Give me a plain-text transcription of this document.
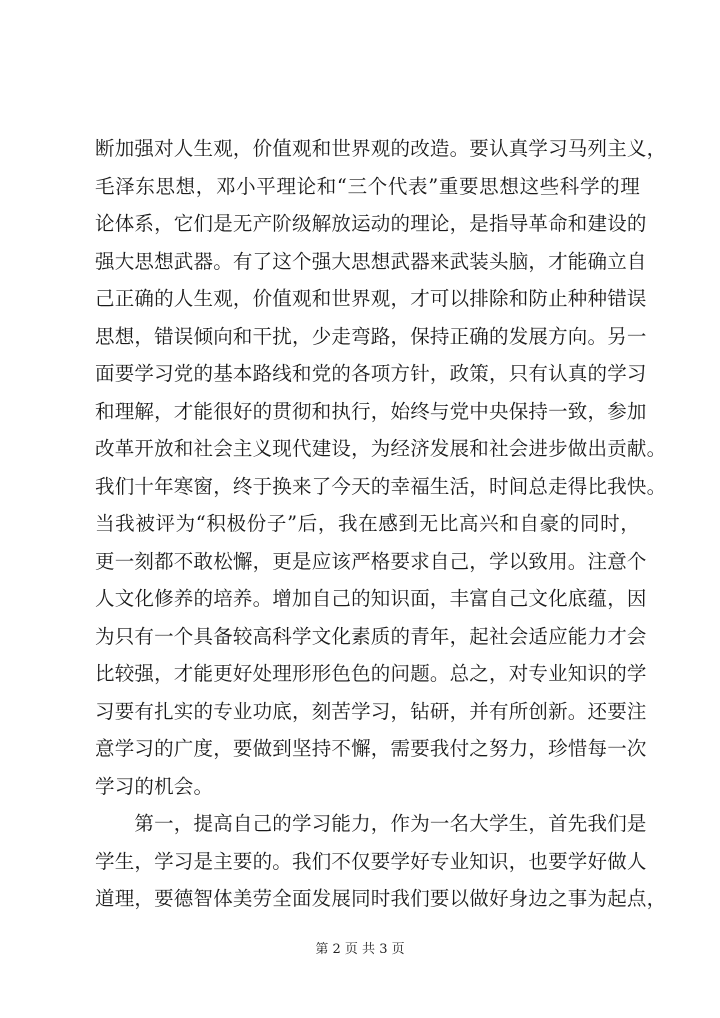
断加强对人生观，价值观和世界观的改造。要认真学习马列主义，
毛泽东思想，邓小平理论和“三个代表”重要思想这些科学的理
论体系，它们是无产阶级解放运动的理论，是指导革命和建设的
强大思想武器。有了这个强大思想武器来武装头脑，才能确立自
己正确的人生观，价值观和世界观，才可以排除和防止种种错误
思想，错误倾向和干扰，少走弯路，保持正确的发展方向。另一
面要学习党的基本路线和党的各项方针，政策，只有认真的学习
和理解，才能很好的贯彻和执行，始终与党中央保持一致，参加
改革开放和社会主义现代建设，为经济发展和社会进步做出贡献。
我们十年寒窗，终于换来了今天的幸福生活，时间总走得比我快。
当我被评为“积极份子”后，我在感到无比高兴和自豪的同时，
更一刻都不敢松懈，更是应该严格要求自己，学以致用。注意个
人文化修养的培养。增加自己的知识面，丰富自己文化底蕴，因
为只有一个具备较高科学文化素质的青年，起社会适应能力才会
比较强，才能更好处理形形色色的问题。总之，对专业知识的学
习要有扎实的专业功底，刻苦学习，钻研，并有所创新。还要注
意学习的广度，要做到坚持不懈，需要我付之努力，珍惜每一次
学习的机会。
　　第一，提高自己的学习能力，作为一名大学生，首先我们是
学生，学习是主要的。我们不仅要学好专业知识，也要学好做人
道理，要德智体美劳全面发展同时我们要以做好身边之事为起点，
第 2 页 共 3 页
